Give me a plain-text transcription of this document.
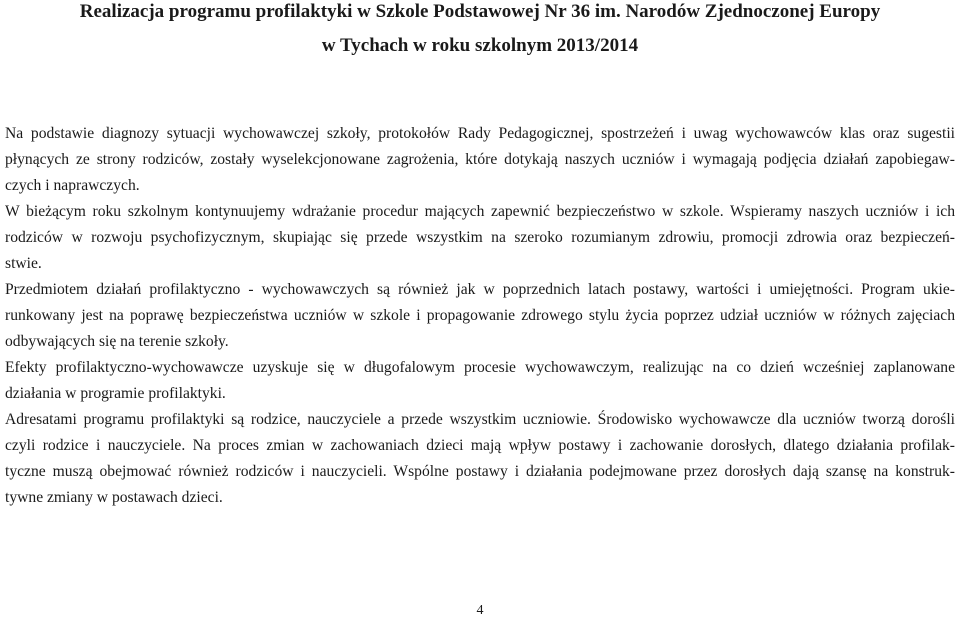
Realizacja programu profilaktyki w Szkole Podstawowej Nr 36 im. Narodów Zjednoczonej Europy
w Tychach w roku szkolnym 2013/2014

Na podstawie diagnozy sytuacji wychowawczej szkoły, protokołów Rady Pedagogicznej, spostrzeżeń i uwag wychowawców klas oraz sugestii
płynących ze strony rodziców, zostały wyselekcjonowane zagrożenia, które dotykają naszych uczniów i wymagają podjęcia działań zapobiegaw-
czych i naprawczych.

W bieżącym roku szkolnym kontynuujemy wdrażanie procedur mających zapewnić bezpieczeństwo w szkole. Wspieramy naszych uczniów i ich
rodziców w rozwoju psychofizycznym, skupiając się przede wszystkim na szeroko rozumianym zdrowiu, promocji zdrowia oraz bezpieczeń-
stwie.

Przedmiotem działań profilaktyczno - wychowawczych są również jak w poprzednich latach postawy, wartości i umiejętności. Program ukie-
runkowany jest na poprawę bezpieczeństwa uczniów w szkole i propagowanie zdrowego stylu życia poprzez udział uczniów w różnych zajęciach
odbywających się na terenie szkoły.

Efekty profilaktyczno-wychowawcze uzyskuje się w długofalowym procesie wychowawczym, realizując na co dzień wcześniej zaplanowane
działania w programie profilaktyki.

Adresatami programu profilaktyki są rodzice, nauczyciele a przede wszystkim uczniowie. Środowisko wychowawcze dla uczniów tworzą dorośli
czyli rodzice i nauczyciele. Na proces zmian w zachowaniach dzieci mają wpływ postawy i zachowanie dorosłych, dlatego działania profilak-
tyczne muszą obejmować również rodziców i nauczycieli. Wspólne postawy i działania podejmowane przez dorosłych dają szansę na konstruk-
tywne zmiany w postawach dzieci.

4
